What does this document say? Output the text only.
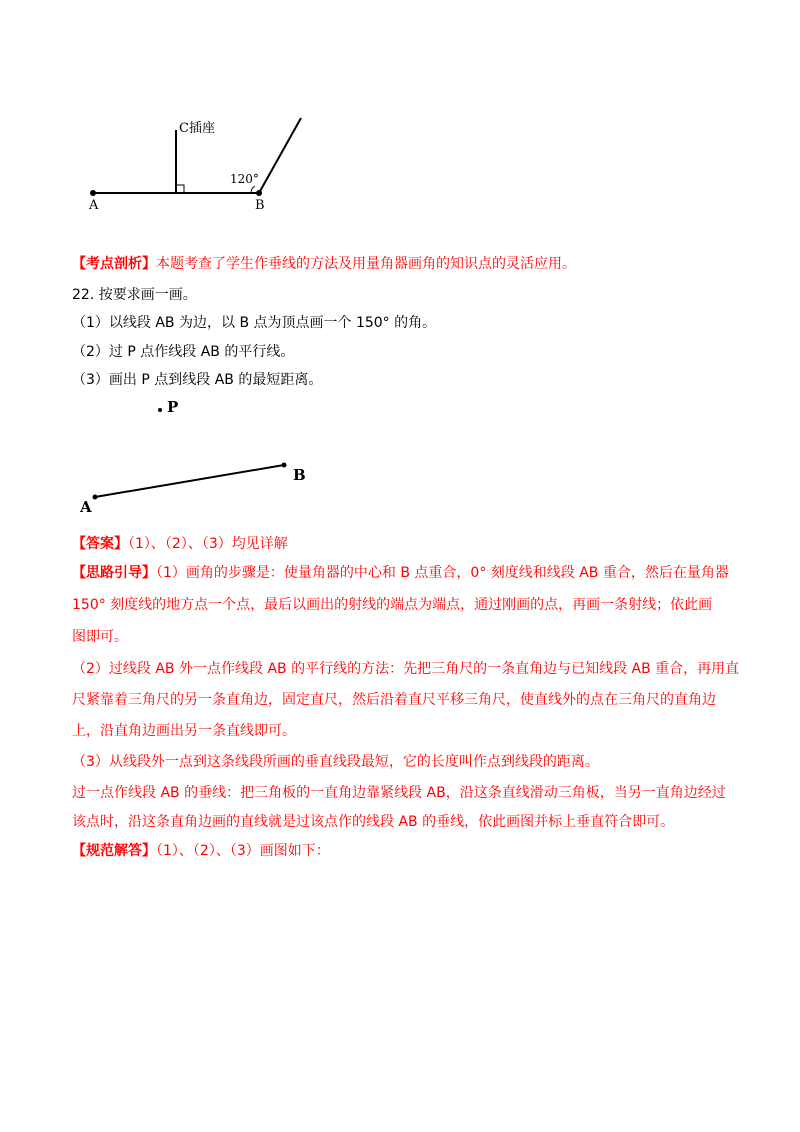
C插座
A	B
120°
【考点剖析】本题考查了学生作垂线的方法及用量角器画角的知识点的灵活应用。
22. 按要求画一画。
（1）以线段 AB 为边，以 B 点为顶点画一个 150° 的角。
（2）过 P 点作线段 AB 的平行线。
（3）画出 P 点到线段 AB 的最短距离。
P
A
B
【答案】（1）、（2）、（3）均见详解
【思路引导】（1）画角的步骤是：使量角器的中心和 B 点重合，0° 刻度线和线段 AB 重合，然后在量角器
150° 刻度线的地方点一个点，最后以画出的射线的端点为端点，通过刚画的点，再画一条射线；依此画
图即可。
（2）过线段 AB 外一点作线段 AB 的平行线的方法：先把三角尺的一条直角边与已知线段 AB 重合，再用直
尺紧靠着三角尺的另一条直角边，固定直尺，然后沿着直尺平移三角尺，使直线外的点在三角尺的直角边
上，沿直角边画出另一条直线即可。
（3）从线段外一点到这条线段所画的垂直线段最短，它的长度叫作点到线段的距离。
过一点作线段 AB 的垂线：把三角板的一直角边靠紧线段 AB，沿这条直线滑动三角板，当另一直角边经过
该点时，沿这条直角边画的直线就是过该点作的线段 AB 的垂线，依此画图并标上垂直符合即可。
【规范解答】（1）、（2）、（3）画图如下：
